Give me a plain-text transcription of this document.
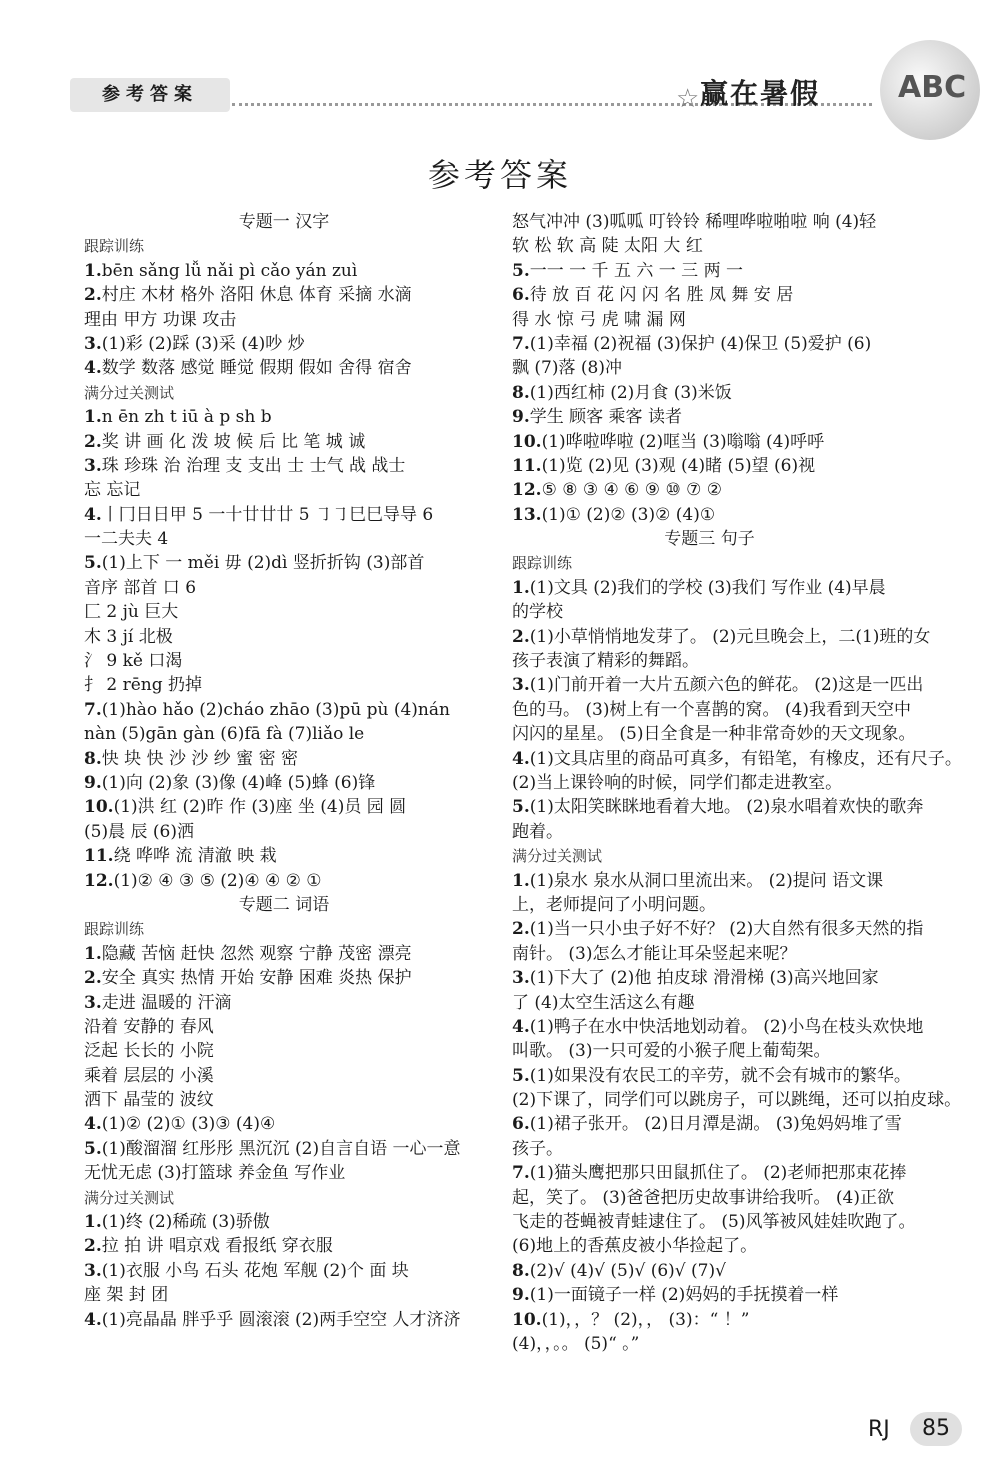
参考答案	☆ 赢在暑假	ABC
参考答案
专题一 汉字
跟踪训练
1.bēn sǎng lǚ nǎi pì cǎo yán zuì
2.村庄 木材 格外 洛阳 休息 体育 采摘 水滴
理由 甲方 功课 攻击
3.(1)彩 (2)踩 (3)采 (4)吵 炒
4.数学 数落 感觉 睡觉 假期 假如 舍得 宿舍
满分过关测试
1.n ēn zh t iū à p sh b
2.奖 讲 画 化 泼 坡 候 后 比 笔 城 诚
3.珠 珍珠 治 治理 支 支出 士 士气 战 战士
忘 忘记
4.丨冂日日甲 5 一十廿廿廿 5 ㇆㇆巳巳导导 6
一二夫夫 4
5.(1)上下 一 měi 毋 (2)dì 竖折折钩 (3)部首
音序 部首 口 6
匚 2 jù 巨大
木 3 jí 北极
氵 9 kě 口渴
扌 2 rēng 扔掉
7.(1)hào hǎo (2)cháo zhāo (3)pū pù (4)nán
nàn (5)gān gàn (6)fā fà (7)liǎo le
8.快 块 快 沙 沙 纱 蜜 密 密
9.(1)向 (2)象 (3)像 (4)峰 (5)蜂 (6)锋
10.(1)洪 红 (2)昨 作 (3)座 坐 (4)员 园 圆
(5)晨 辰 (6)洒
11.绕 哗哗 流 清澈 映 栽
12.(1)② ④ ③ ⑤ (2)④ ④ ② ①
专题二 词语
跟踪训练
1.隐藏 苦恼 赶快 忽然 观察 宁静 茂密 漂亮
2.安全 真实 热情 开始 安静 困难 炎热 保护
3.走进 温暖的 汗滴
沿着 安静的 春风
泛起 长长的 小院
乘着 层层的 小溪
洒下 晶莹的 波纹
4.(1)② (2)① (3)③ (4)④
5.(1)酸溜溜 红彤彤 黑沉沉 (2)自言自语 一心一意
无忧无虑 (3)打篮球 养金鱼 写作业
满分过关测试
1.(1)终 (2)稀疏 (3)骄傲
2.拉 拍 讲 唱京戏 看报纸 穿衣服
3.(1)衣服 小鸟 石头 花炮 军舰 (2)个 面 块
座 架 封 团
4.(1)亮晶晶 胖乎乎 圆滚滚 (2)两手空空 人才济济
怒气冲冲 (3)呱呱 叮铃铃 稀哩哗啦啪啦 响 (4)轻
软 松 软 高 陡 太阳 大 红
5.一一 一 千 五 六 一 三 两 一
6.待 放 百 花 闪 闪 名 胜 凤 舞 安 居
得 水 惊 弓 虎 啸 漏 网
7.(1)幸福 (2)祝福 (3)保护 (4)保卫 (5)爱护 (6)
飘 (7)落 (8)冲
8.(1)西红柿 (2)月食 (3)米饭
9.学生 顾客 乘客 读者
10.(1)哗啦哗啦 (2)哐当 (3)嗡嗡 (4)呼呼
11.(1)览 (2)见 (3)观 (4)睹 (5)望 (6)视
12.⑤ ⑧ ③ ④ ⑥ ⑨ ⑩ ⑦ ②
13.(1)① (2)② (3)② (4)①
专题三 句子
跟踪训练
1.(1)文具 (2)我们的学校 (3)我们 写作业 (4)早晨
的学校
2.(1)小草悄悄地发芽了。 (2)元旦晚会上，二(1)班的女
孩子表演了精彩的舞蹈。
3.(1)门前开着一大片五颜六色的鲜花。 (2)这是一匹出
色的马。 (3)树上有一个喜鹊的窝。 (4)我看到天空中
闪闪的星星。 (5)日全食是一种非常奇妙的天文现象。
4.(1)文具店里的商品可真多，有铅笔，有橡皮，还有尺子。
(2)当上课铃响的时候，同学们都走进教室。
5.(1)太阳笑眯眯地看着大地。 (2)泉水唱着欢快的歌奔
跑着。
满分过关测试
1.(1)泉水 泉水从洞口里流出来。 (2)提问 语文课
上，老师提问了小明问题。
2.(1)当一只小虫子好不好？ (2)大自然有很多天然的指
南针。 (3)怎么才能让耳朵竖起来呢？
3.(1)下大了 (2)他 拍皮球 滑滑梯 (3)高兴地回家
了 (4)太空生活这么有趣
4.(1)鸭子在水中快活地划动着。 (2)小鸟在枝头欢快地
叫歌。 (3)一只可爱的小猴子爬上葡萄架。
5.(1)如果没有农民工的辛劳，就不会有城市的繁华。
(2)下课了，同学们可以跳房子，可以跳绳，还可以拍皮球。
6.(1)裙子张开。 (2)日月潭是湖。 (3)兔妈妈堆了雪
孩子。
7.(1)猫头鹰把那只田鼠抓住了。 (2)老师把那束花捧
起，笑了。 (3)爸爸把历史故事讲给我听。 (4)正欲
飞走的苍蝇被青蛙逮住了。 (5)风筝被风娃娃吹跑了。
(6)地上的香蕉皮被小华捡起了。
8.(2)√ (4)√ (5)√ (6)√ (7)√
9.(1)一面镜子一样 (2)妈妈的手抚摸着一样
10.(1)，，？ (2)，， (3)：“ ！”
(4)，，。。 (5)“ 。”
RJ	85
